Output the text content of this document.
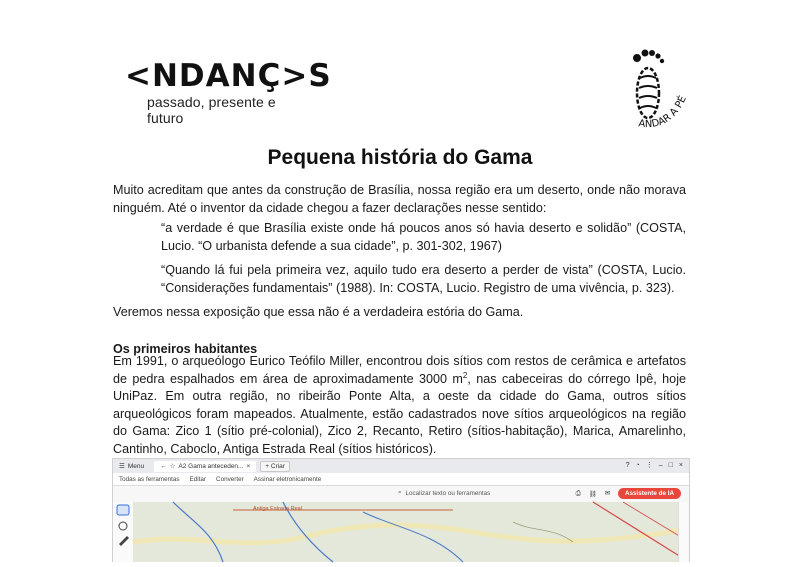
<NDANÇ>S
passado, presente e futuro	ANDAR A PÉ
Pequena história do Gama

Muito acreditam que antes da construção de Brasília, nossa região era um deserto, onde não morava ninguém. Até o inventor da cidade chegou a fazer declarações nesse sentido:

“a verdade é que Brasília existe onde há poucos anos só havia deserto e solidão” (COSTA, Lucio. “O urbanista defende a sua cidade”, p. 301-302, 1967)

“Quando lá fui pela primeira vez, aquilo tudo era deserto a perder de vista” (COSTA, Lucio. “Considerações fundamentais” (1988). In: COSTA, Lucio. Registro de uma vivência, p. 323).

Veremos nessa exposição que essa não é a verdadeira estória do Gama.

Os primeiros habitantes

Em 1991, o arqueólogo Eurico Teófilo Miller, encontrou dois sítios com restos de cerâmica e artefatos de pedra espalhados em área de aproximadamente 3000 $m^2$, nas cabeceiras do córrego Ipê, hoje UniPaz. Em outra região, no ribeirão Ponte Alta, a oeste da cidade do Gama, outros sítios arqueológicos foram mapeados. Atualmente, estão cadastrados nove sítios arqueológicos na região do Gama: Zico 1 (sítio pré-colonial), Zico 2, Recanto, Retiro (sítios-habitação), Marica, Amarelinho, Cantinho, Caboclo, Antiga Estrada Real (sítios históricos).

☰ Menu ← ☆ A2 Gama anteceden... × +
Criar	? ◔ ⋮ – □ ×
Todas as ferramentas Editar Converter Assinar eletronicamente
⌕ Localizar texto ou ferramentas	⎙ ⛓ ✉	Assistente de IA
Antiga Estrada Real
